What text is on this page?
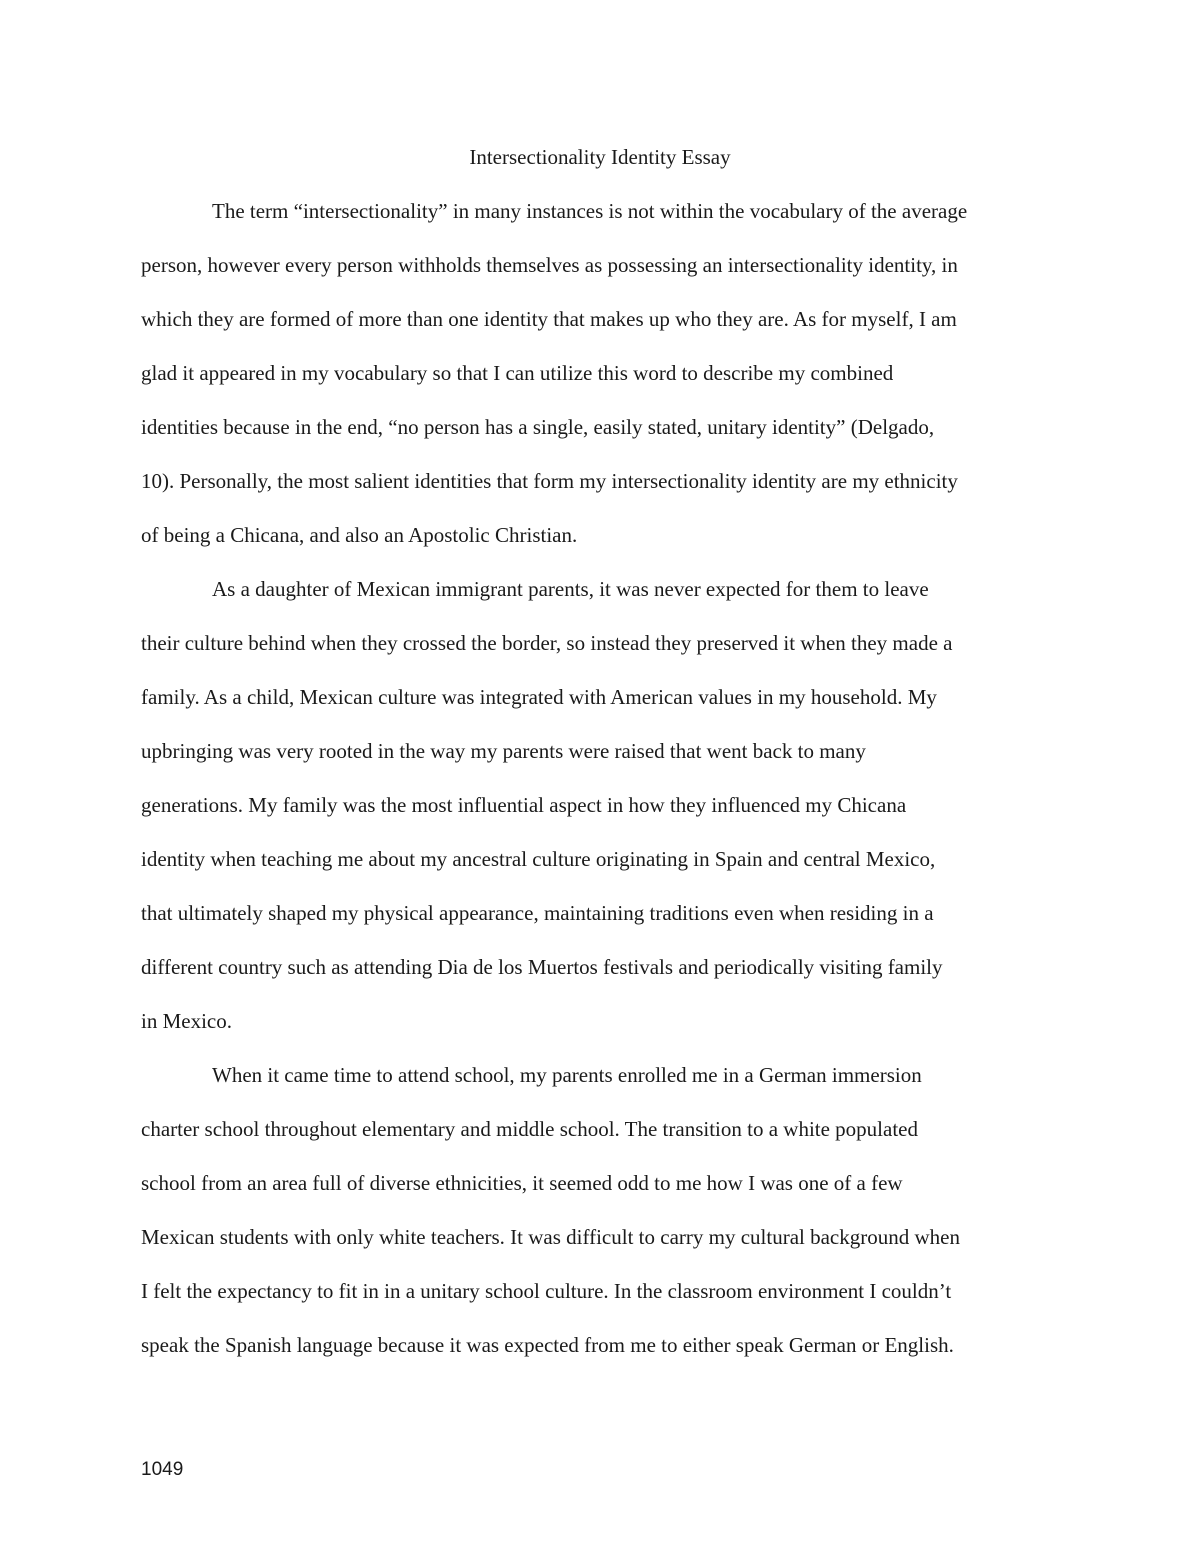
Intersectionality Identity Essay
The term “intersectionality” in many instances is not within the vocabulary of the average
person, however every person withholds themselves as possessing an intersectionality identity, in
which they are formed of more than one identity that makes up who they are. As for myself, I am
glad it appeared in my vocabulary so that I can utilize this word to describe my combined
identities because in the end, “no person has a single, easily stated, unitary identity” (Delgado,
10). Personally, the most salient identities that form my intersectionality identity are my ethnicity
of being a Chicana, and also an Apostolic Christian.
As a daughter of Mexican immigrant parents, it was never expected for them to leave
their culture behind when they crossed the border, so instead they preserved it when they made a
family. As a child, Mexican culture was integrated with American values in my household. My
upbringing was very rooted in the way my parents were raised that went back to many
generations. My family was the most influential aspect in how they influenced my Chicana
identity when teaching me about my ancestral culture originating in Spain and central Mexico,
that ultimately shaped my physical appearance, maintaining traditions even when residing in a
different country such as attending Dia de los Muertos festivals and periodically visiting family
in Mexico.
When it came time to attend school, my parents enrolled me in a German immersion
charter school throughout elementary and middle school. The transition to a white populated
school from an area full of diverse ethnicities, it seemed odd to me how I was one of a few
Mexican students with only white teachers. It was difficult to carry my cultural background when
I felt the expectancy to fit in in a unitary school culture. In the classroom environment I couldn’t
speak the Spanish language because it was expected from me to either speak German or English.
1049
